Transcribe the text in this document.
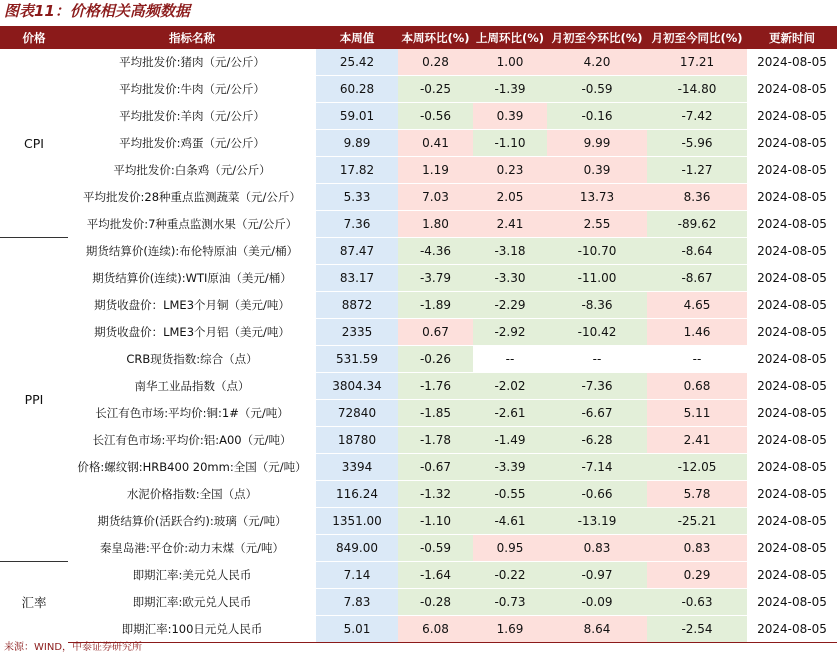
图表11：价格相关高频数据
价格	指标名称	本周值	本周环比(%)	上周环比(%)	月初至今环比(%)	月初至今同比(%)	更新时间
CPI	平均批发价:猪肉（元/公斤）	25.42	0.28	1.00	4.20	17.21	2024-08-05
	平均批发价:牛肉（元/公斤）	60.28	-0.25	-1.39	-0.59	-14.80	2024-08-05
	平均批发价:羊肉（元/公斤）	59.01	-0.56	0.39	-0.16	-7.42	2024-08-05
	平均批发价:鸡蛋（元/公斤）	9.89	0.41	-1.10	9.99	-5.96	2024-08-05
	平均批发价:白条鸡（元/公斤）	17.82	1.19	0.23	0.39	-1.27	2024-08-05
	平均批发价:28种重点监测蔬菜（元/公斤）	5.33	7.03	2.05	13.73	8.36	2024-08-05
	平均批发价:7种重点监测水果（元/公斤）	7.36	1.80	2.41	2.55	-89.62	2024-08-05
PPI	期货结算价(连续):布伦特原油（美元/桶）	87.47	-4.36	-3.18	-10.70	-8.64	2024-08-05
	期货结算价(连续):WTI原油（美元/桶）	83.17	-3.79	-3.30	-11.00	-8.67	2024-08-05
	期货收盘价：LME3个月铜（美元/吨）	8872	-1.89	-2.29	-8.36	4.65	2024-08-05
	期货收盘价：LME3个月铝（美元/吨）	2335	0.67	-2.92	-10.42	1.46	2024-08-05
	CRB现货指数:综合（点）	531.59	-0.26	--	--	--	2024-08-05
	南华工业品指数（点）	3804.34	-1.76	-2.02	-7.36	0.68	2024-08-05
	长江有色市场:平均价:铜:1#（元/吨）	72840	-1.85	-2.61	-6.67	5.11	2024-08-05
	长江有色市场:平均价:铝:A00（元/吨）	18780	-1.78	-1.49	-6.28	2.41	2024-08-05
	价格:螺纹钢:HRB400 20mm:全国（元/吨）	3394	-0.67	-3.39	-7.14	-12.05	2024-08-05
	水泥价格指数:全国（点）	116.24	-1.32	-0.55	-0.66	5.78	2024-08-05
	期货结算价(活跃合约):玻璃（元/吨）	1351.00	-1.10	-4.61	-13.19	-25.21	2024-08-05
	秦皇岛港:平仓价:动力末煤（元/吨）	849.00	-0.59	0.95	0.83	0.83	2024-08-05
汇率	即期汇率:美元兑人民币	7.14	-1.64	-0.22	-0.97	0.29	2024-08-05
	即期汇率:欧元兑人民币	7.83	-0.28	-0.73	-0.09	-0.63	2024-08-05
	即期汇率:100日元兑人民币	5.01	6.08	1.69	8.64	-2.54	2024-08-05
来源：WIND，中泰证券研究所
